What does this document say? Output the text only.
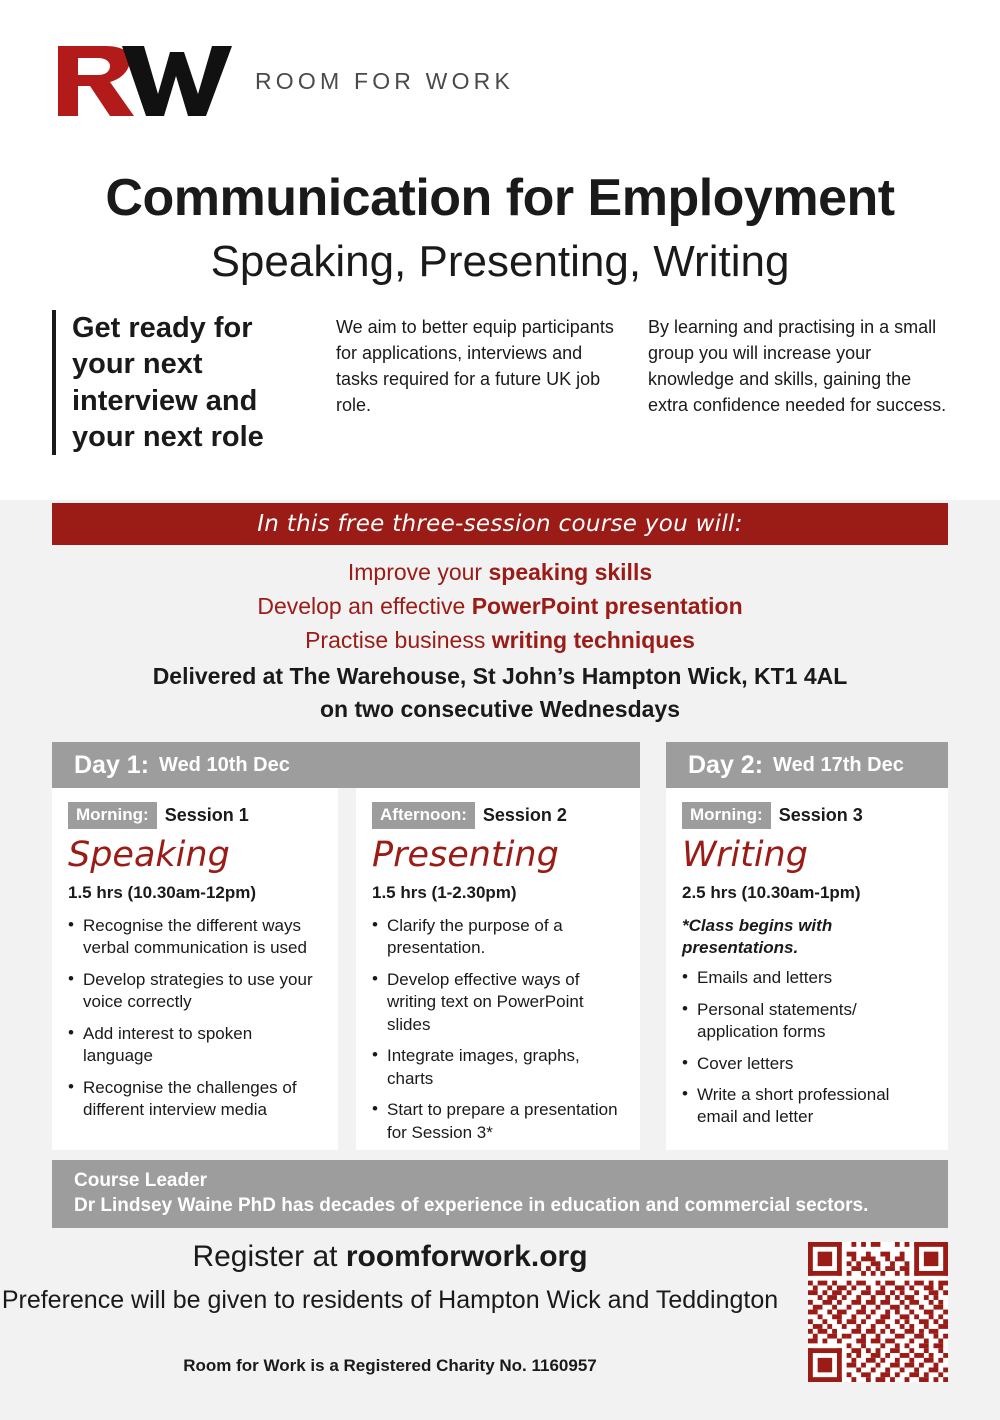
ROOM FOR WORK
Communication for Employment
Speaking, Presenting, Writing
Get ready for your next interview and your next role
We aim to better equip participants for applications, interviews and tasks required for a future UK job role.
By learning and practising in a small group you will increase your knowledge and skills, gaining the extra confidence needed for success.
In this free three-session course you will:
Improve your speaking skills
Develop an effective PowerPoint presentation
Practise business writing techniques
Delivered at The Warehouse, St John’s Hampton Wick, KT1 4AL
on two consecutive Wednesdays
Day 1: Wed 10th Dec	Day 2: Wed 17th Dec
Morning: Session 1
Speaking
1.5 hrs (10.30am-12pm)
• Recognise the different ways verbal communication is used
• Develop strategies to use your voice correctly
• Add interest to spoken language
• Recognise the challenges of different interview media
Afternoon: Session 2
Presenting
1.5 hrs (1-2.30pm)
• Clarify the purpose of a presentation.
• Develop effective ways of writing text on PowerPoint slides
• Integrate images, graphs, charts
• Start to prepare a presentation for Session 3*
Morning: Session 3
Writing
2.5 hrs (10.30am-1pm)
*Class begins with presentations.
• Emails and letters
• Personal statements/ application forms
• Cover letters
• Write a short professional email and letter
Course Leader
Dr Lindsey Waine PhD has decades of experience in education and commercial sectors.
Register at roomforwork.org
Preference will be given to residents of Hampton Wick and Teddington
Room for Work is a Registered Charity No. 1160957
